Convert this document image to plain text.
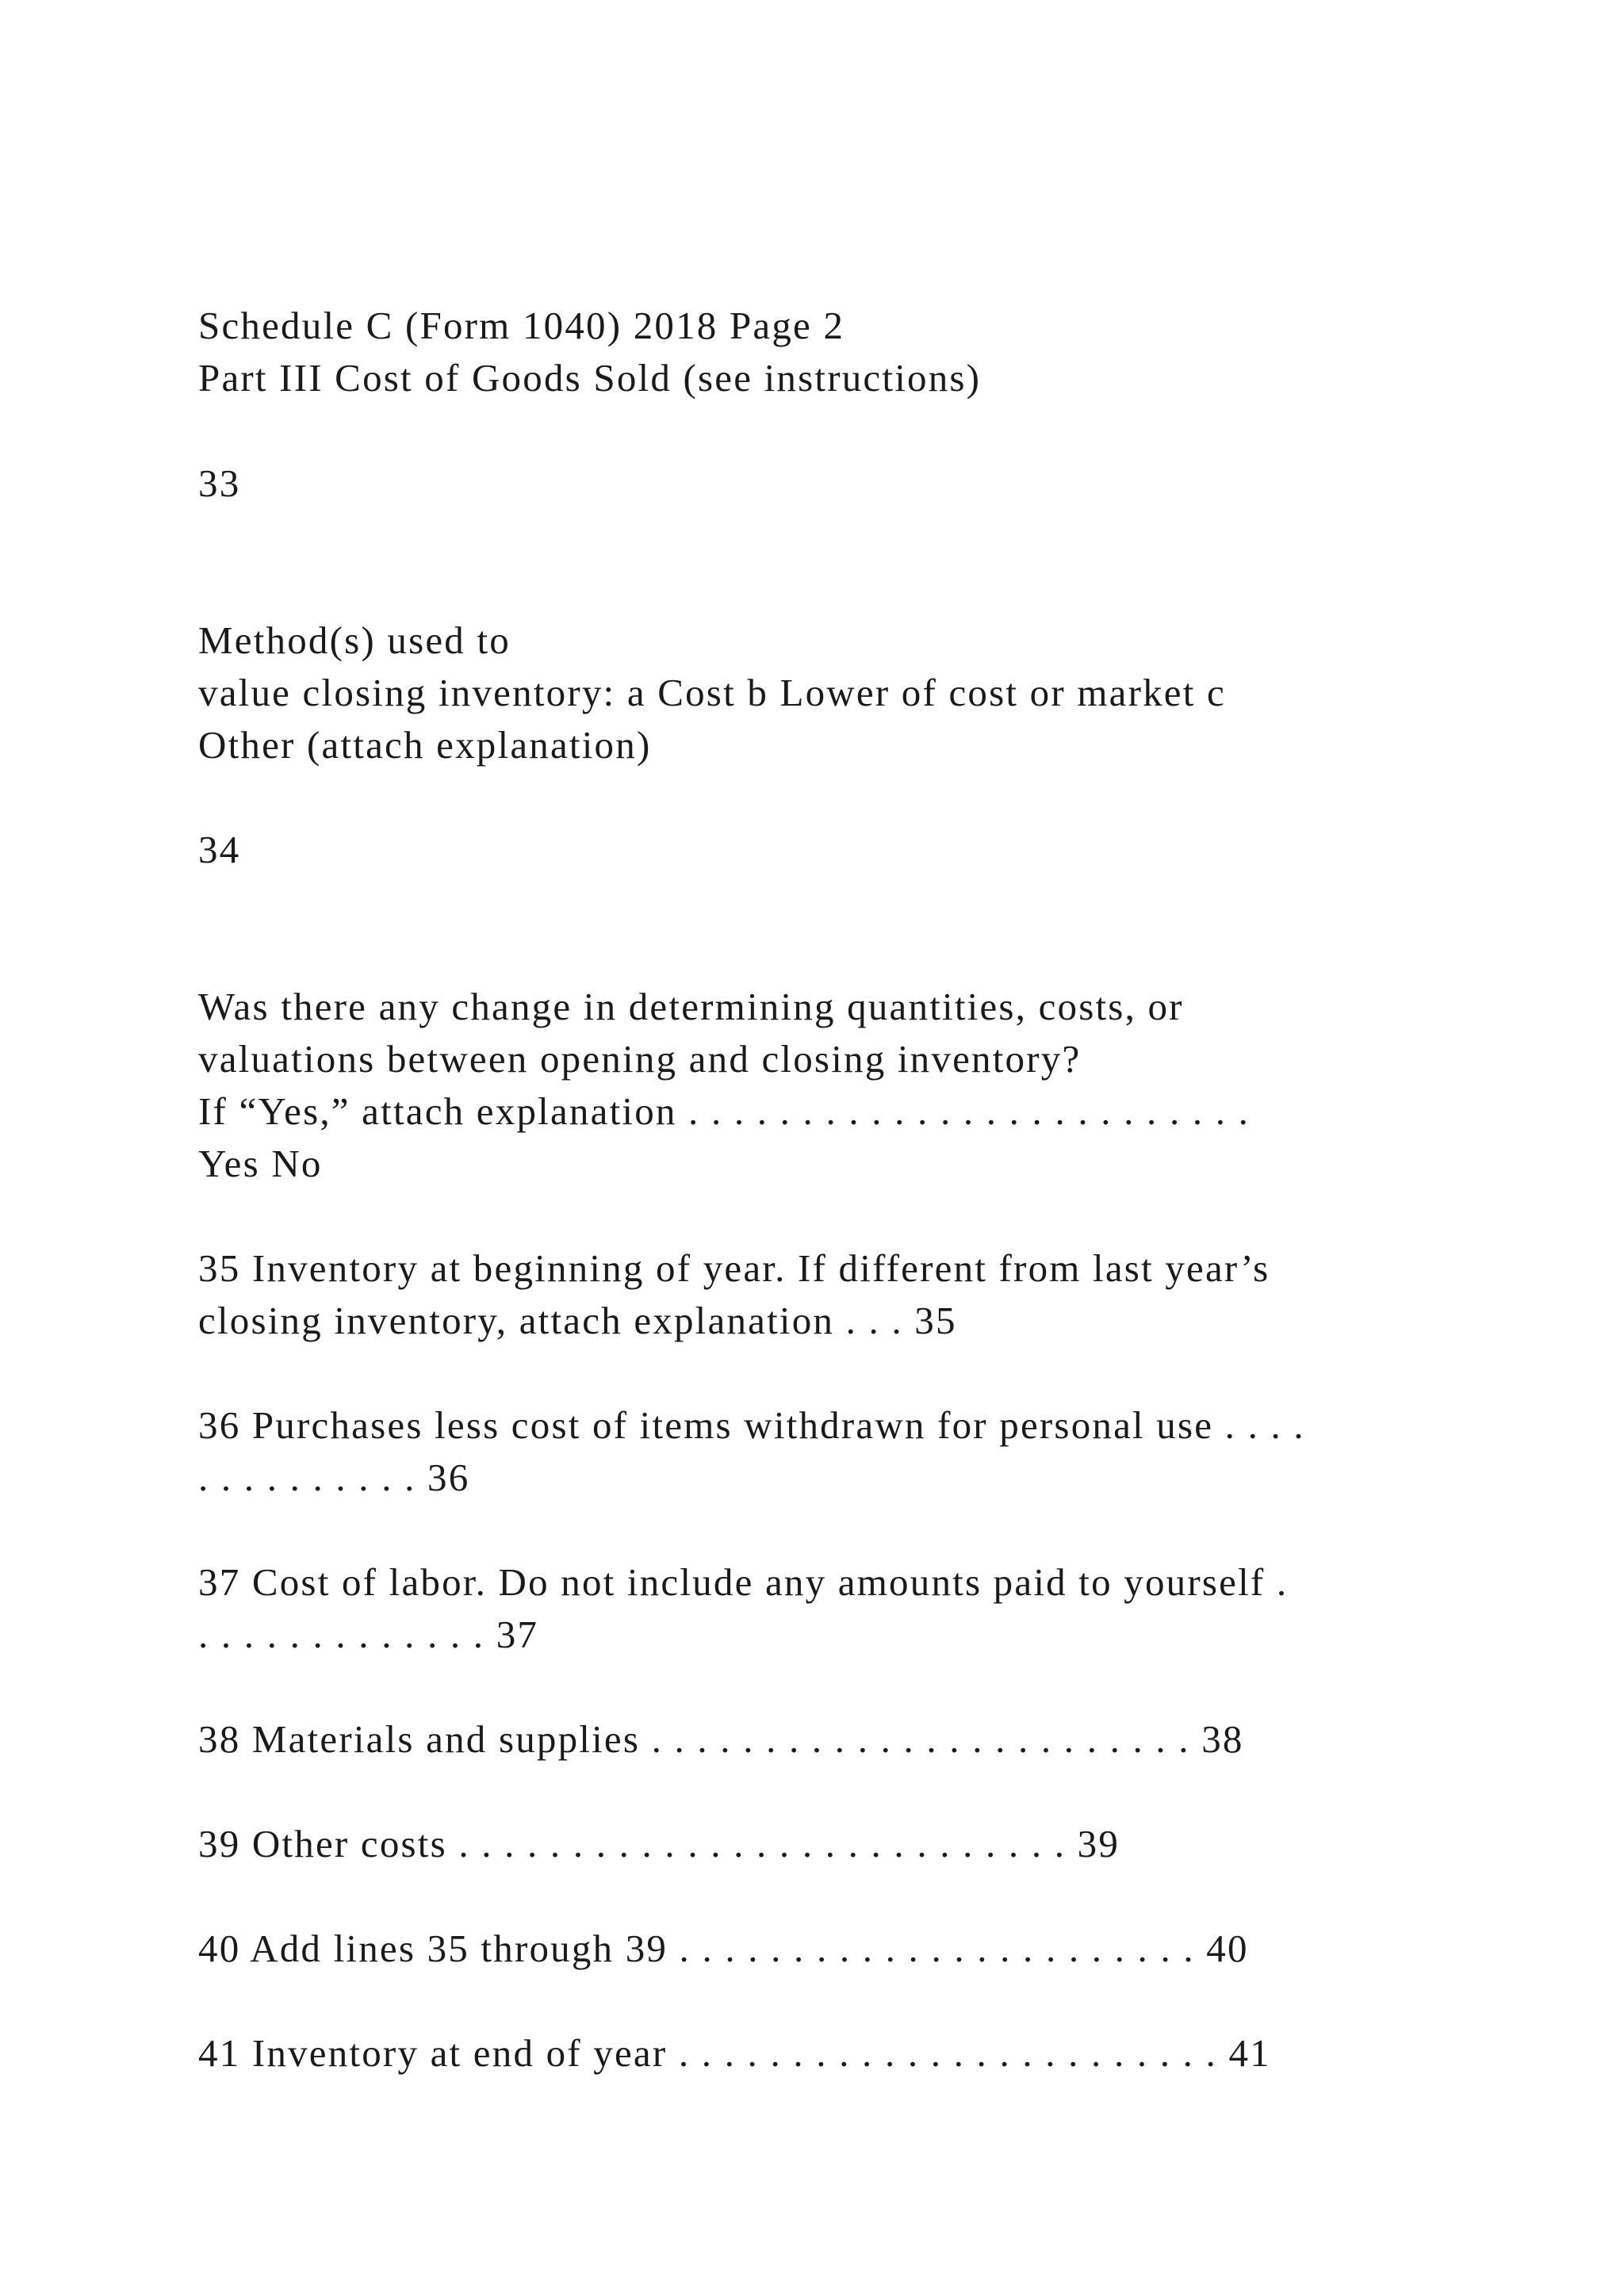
Schedule C (Form 1040) 2018 Page 2

Part III Cost of Goods Sold (see instructions)

33

Method(s) used to

value closing inventory: a Cost b Lower of cost or market c

Other (attach explanation)

34

Was there any change in determining quantities, costs, or

valuations between opening and closing inventory?

If “Yes,” attach explanation . . . . . . . . . . . . . . . . . . . . . . . . .

Yes No

35 Inventory at beginning of year. If different from last year’s

closing inventory, attach explanation . . . 35

36 Purchases less cost of items withdrawn for personal use . . . .

. . . . . . . . . . 36

37 Cost of labor. Do not include any amounts paid to yourself .

. . . . . . . . . . . . . 37

38 Materials and supplies . . . . . . . . . . . . . . . . . . . . . . . . 38

39 Other costs . . . . . . . . . . . . . . . . . . . . . . . . . . . 39

40 Add lines 35 through 39 . . . . . . . . . . . . . . . . . . . . . . . 40

41 Inventory at end of year . . . . . . . . . . . . . . . . . . . . . . . . 41
